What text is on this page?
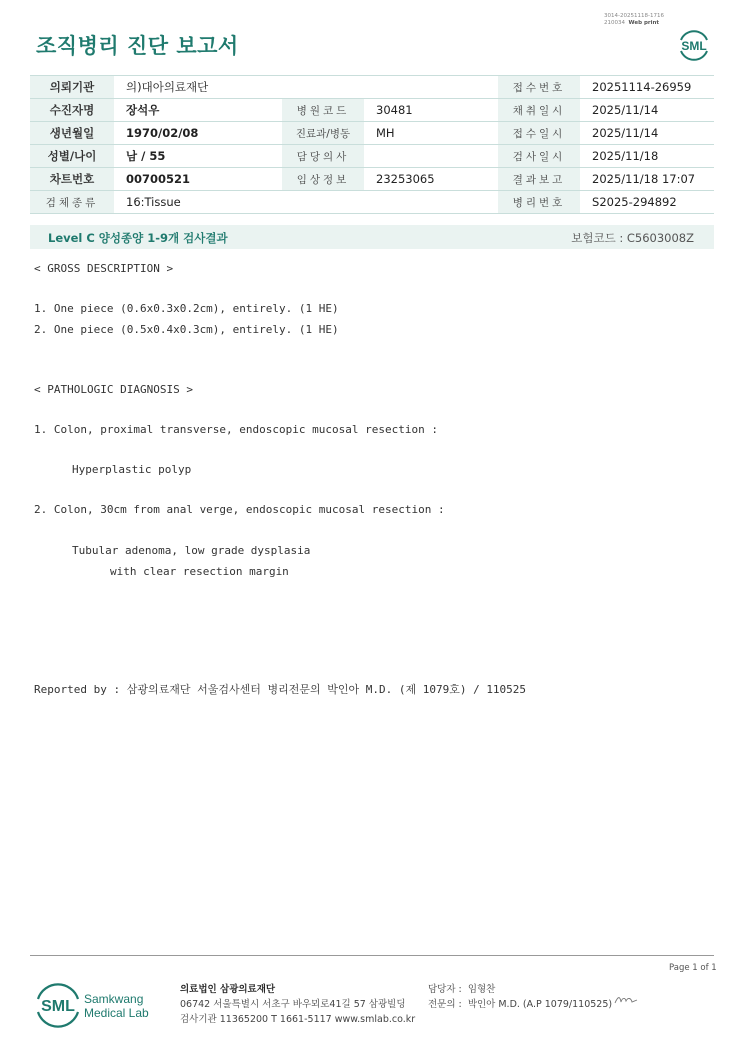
조직병리 진단 보고서
3014-20251118-1716
210034 Web print
SML
의뢰기관	의)대아의료재단			접수번호	20251114-26959
수진자명	장석우	병원코드	30481	채취일시	2025/11/14
생년월일	1970/02/08	진료과/병동	MH	접수일시	2025/11/14
성별/나이	남 / 55	담당의사		검사일시	2025/11/18
차트번호	00700521	임상정보	23253065	결과보고	2025/11/18 17:07
검체종류	16:Tissue			병리번호	S2025-294892
Level C 양성종양 1-9개 검사결과	보험코드 : C5603008Z
< GROSS DESCRIPTION >
1. One piece (0.6x0.3x0.2cm), entirely. (1 HE)
2. One piece (0.5x0.4x0.3cm), entirely. (1 HE)
< PATHOLOGIC DIAGNOSIS >
1. Colon, proximal transverse, endoscopic mucosal resection :
Hyperplastic polyp
2. Colon, 30cm from anal verge, endoscopic mucosal resection :
Tubular adenoma, low grade dysplasia
with clear resection margin
Reported by : 삼광의료재단 서울검사센터 병리전문의 박인아 M.D. (제 1079호) / 110525
Page 1 of 1
SML Samkwang
Medical Lab
의료법인 삼광의료재단
06742 서울특별시 서초구 바우뫼로41길 57 삼광빌딩
검사기관 11365200 T 1661-5117 www.smlab.co.kr
담당자 : 임형찬
전문의 : 박인아 M.D. (A.P 1079/110525)
